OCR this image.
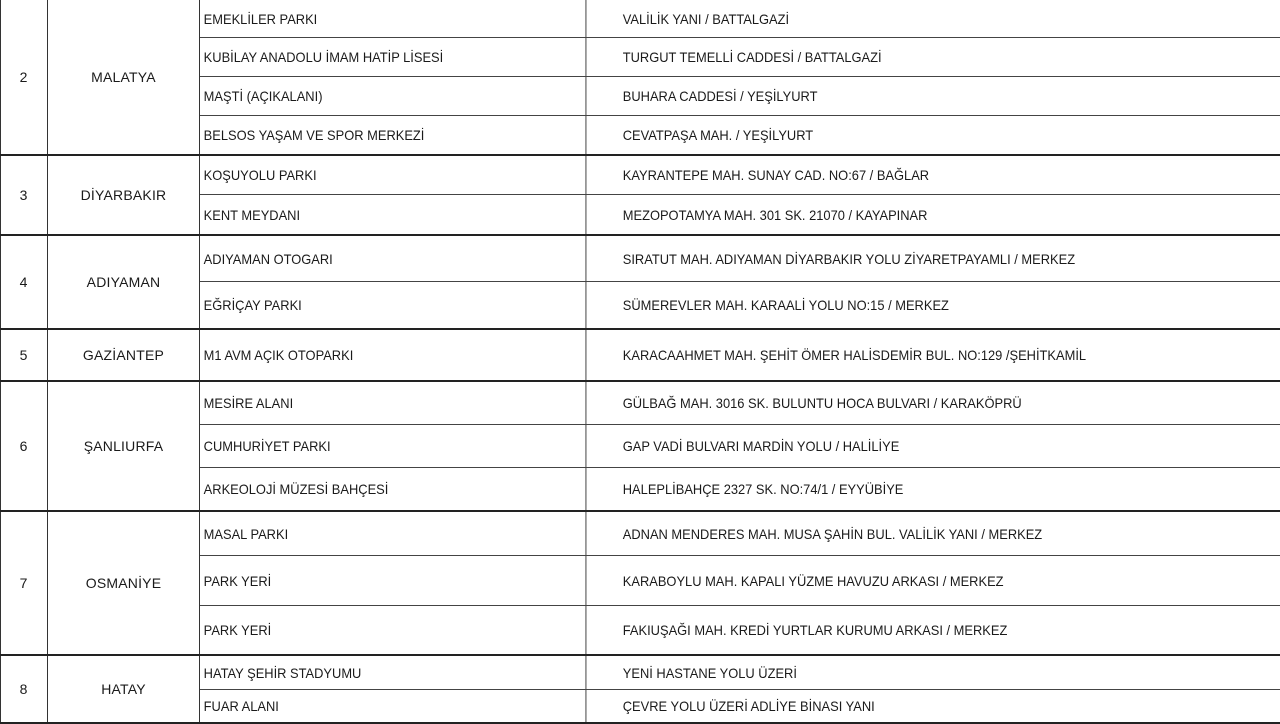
2	MALATYA
EMEKLİLER PARKI	VALİLİK YANI / BATTALGAZİ
KUBİLAY ANADOLU İMAM HATİP LİSESİ	TURGUT TEMELLİ CADDESİ / BATTALGAZİ
MAŞTİ (AÇIKALANI)	BUHARA CADDESİ / YEŞİLYURT
BELSOS YAŞAM VE SPOR MERKEZİ	CEVATPAŞA MAH. / YEŞİLYURT
3	DİYARBAKIR
KOŞUYOLU PARKI	KAYRANTEPE MAH. SUNAY CAD. NO:67 / BAĞLAR
KENT MEYDANI	MEZOPOTAMYA MAH. 301 SK. 21070 / KAYAPINAR
4	ADIYAMAN
ADIYAMAN OTOGARI	SIRATUT MAH. ADIYAMAN DİYARBAKIR YOLU ZİYARETPAYAMLI / MERKEZ
EĞRİÇAY PARKI	SÜMEREVLER MAH. KARAALİ YOLU NO:15 / MERKEZ
5	GAZİANTEP	M1 AVM AÇIK OTOPARKI	KARACAAHMET MAH. ŞEHİT ÖMER HALİSDEMİR BUL. NO:129 /ŞEHİTKAMİL
6	ŞANLIURFA
MESİRE ALANI	GÜLBAĞ MAH. 3016 SK. BULUNTU HOCA BULVARI / KARAKÖPRÜ
CUMHURİYET PARKI	GAP VADİ BULVARI MARDİN YOLU / HALİLİYE
ARKEOLOJİ MÜZESİ BAHÇESİ	HALEPLİBAHÇE 2327 SK. NO:74/1 / EYYÜBİYE
7	OSMANİYE
MASAL PARKI	ADNAN MENDERES MAH. MUSA ŞAHİN BUL. VALİLİK YANI / MERKEZ
PARK YERİ	KARABOYLU MAH. KAPALI YÜZME HAVUZU ARKASI / MERKEZ
PARK YERİ	FAKIUŞAĞI MAH. KREDİ YURTLAR KURUMU ARKASI / MERKEZ
8	HATAY
HATAY ŞEHİR STADYUMU	YENİ HASTANE YOLU ÜZERİ
FUAR ALANI	ÇEVRE YOLU ÜZERİ ADLİYE BİNASI YANI
